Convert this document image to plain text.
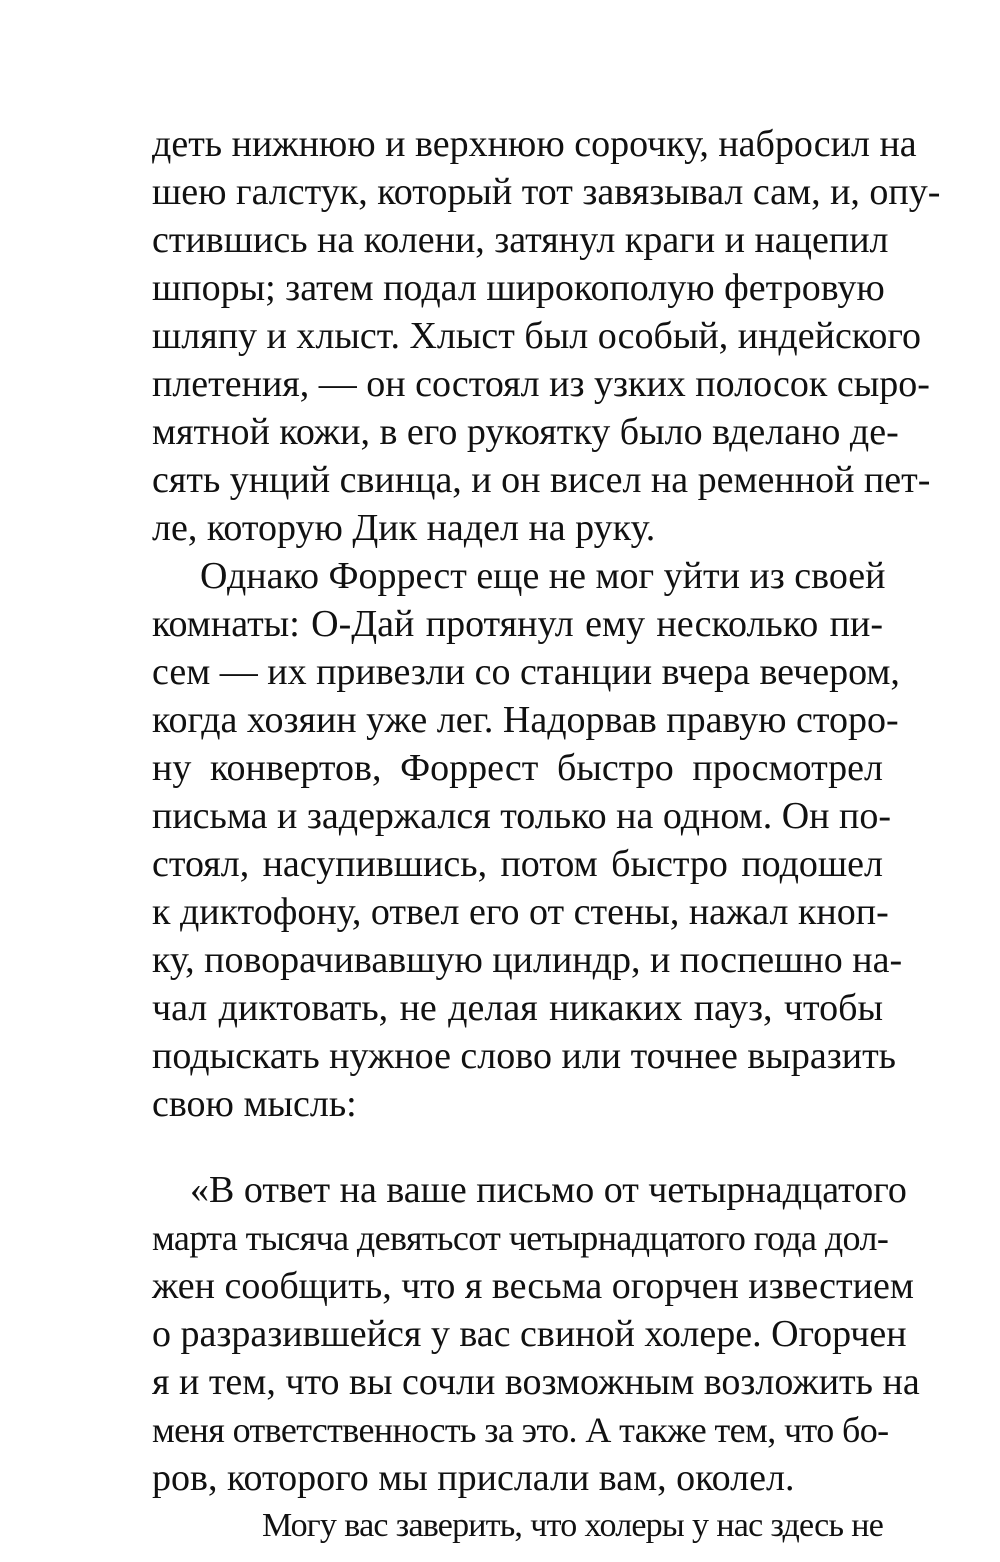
деть нижнюю и верхнюю сорочку, набросил на
шею галстук, который тот завязывал сам, и, опу-
стившись на колени, затянул краги и нацепил
шпоры; затем подал широкополую фетровую
шляпу и хлыст. Хлыст был особый, индейского
плетения, — он состоял из узких полосок сыро-
мятной кожи, в его рукоятку было вделано де-
сять унций свинца, и он висел на ременной пет-
ле, которую Дик надел на руку.
Однако Форрест еще не мог уйти из своей
комнаты: О-Дай протянул ему несколько пи-
сем — их привезли со станции вчера вечером,
когда хозяин уже лег. Надорвав правую сторо-
ну конвертов, Форрест быстро просмотрел
письма и задержался только на одном. Он по-
стоял, насупившись, потом быстро подошел
к диктофону, отвел его от стены, нажал кноп-
ку, поворачивавшую цилиндр, и поспешно на-
чал диктовать, не делая никаких пауз, чтобы
подыскать нужное слово или точнее выразить
свою мысль:
«В ответ на ваше письмо от четырнадцатого
марта тысяча девятьсот четырнадцатого года дол-
жен сообщить, что я весьма огорчен известием
о разразившейся у вас свиной холере. Огорчен
я и тем, что вы сочли возможным возложить на
меня ответственность за это. А также тем, что бо-
ров, которого мы прислали вам, околел.
Могу вас заверить, что холеры у нас здесь не
